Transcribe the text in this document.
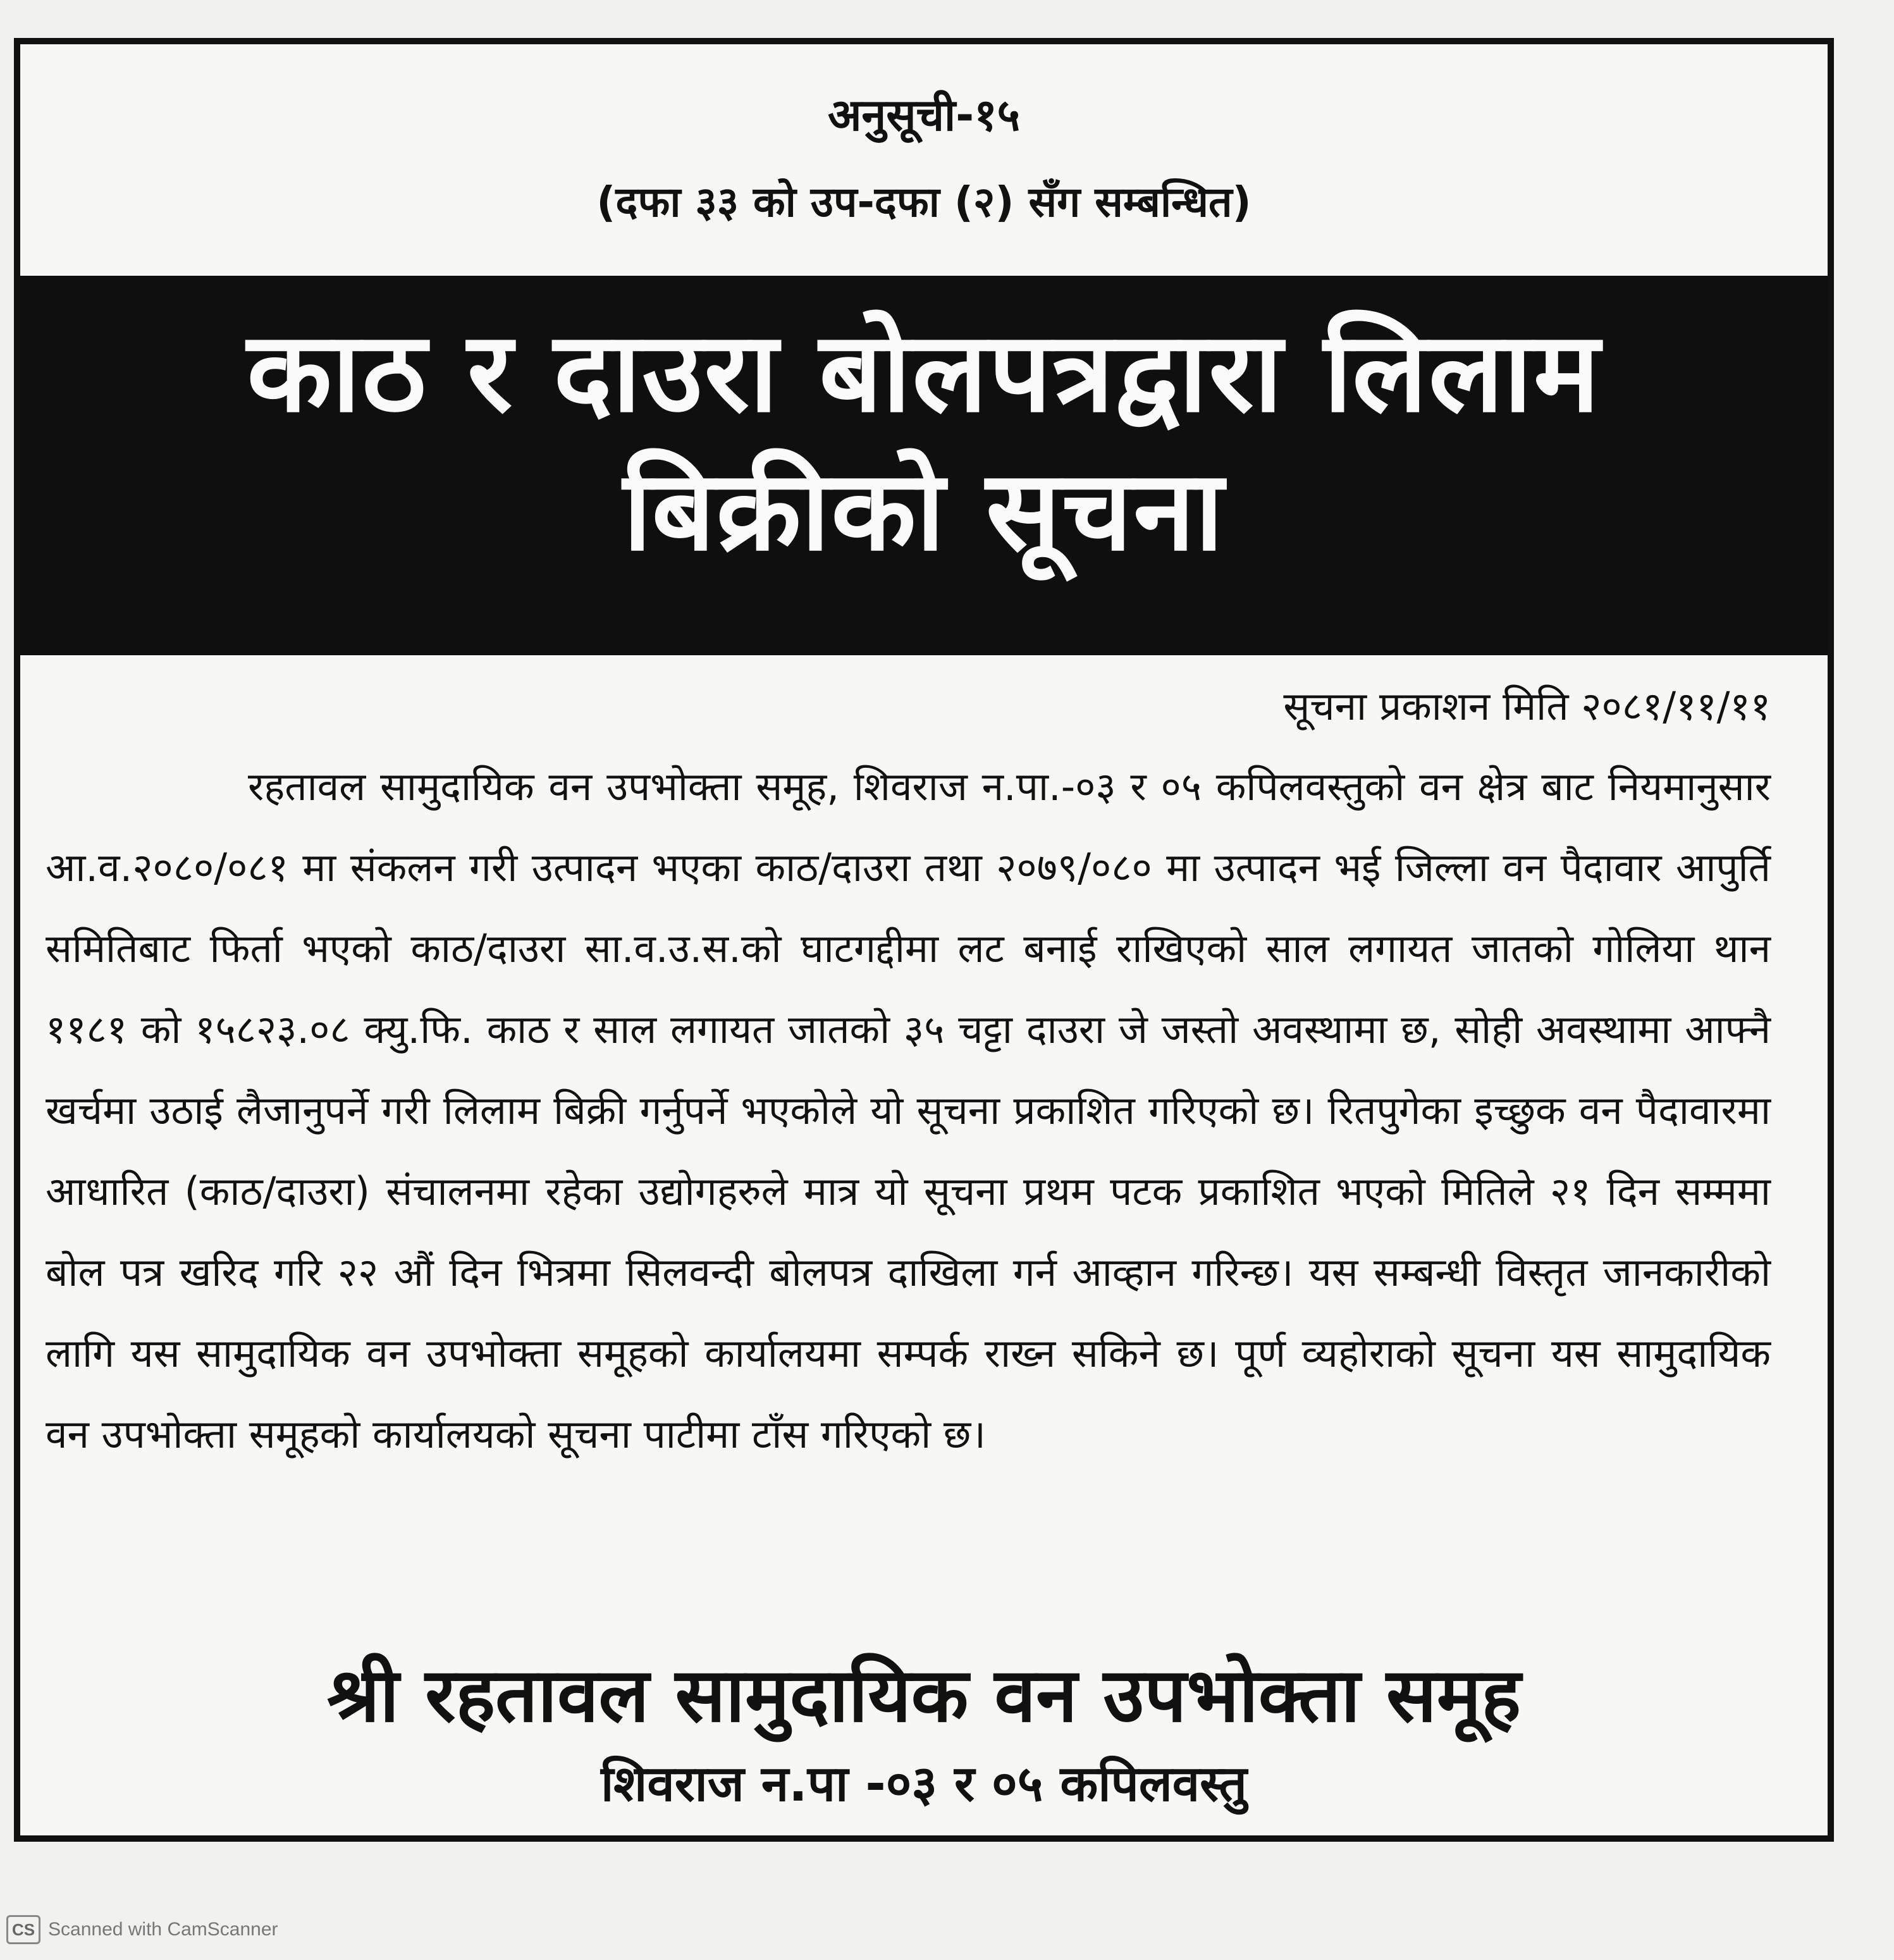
अनुसूची-१५
(दफा ३३ को उप-दफा (२) सँग सम्बन्धित)
काठ र दाउरा बोलपत्रद्वारा लिलाम
बिक्रीको सूचना
सूचना प्रकाशन मिति २०८१/११/११

रहतावल सामुदायिक वन उपभोक्ता समूह, शिवराज न.पा.-०३ र ०५ कपिलवस्तुको वन क्षेत्र बाट नियमानुसार आ.व.२०८०/०८१ मा संकलन गरी उत्पादन भएका काठ/दाउरा तथा २०७९/०८० मा उत्पादन भई जिल्ला वन पैदावार आपुर्ति समितिबाट फिर्ता भएको काठ/दाउरा सा.व.उ.स.को घाटगद्दीमा लट बनाई राखिएको साल लगायत जातको गोलिया थान ११८१ को १५८२३.०८ क्यु.फि. काठ र साल लगायत जातको ३५ चट्टा दाउरा जे जस्तो अवस्थामा छ, सोही अवस्थामा आफ्नै खर्चमा उठाई लैजानुपर्ने गरी लिलाम बिक्री गर्नुपर्ने भएकोले यो सूचना प्रकाशित गरिएको छ। रितपुगेका इच्छुक वन पैदावारमा आधारित (काठ/दाउरा) संचालनमा रहेका उद्योगहरुले मात्र यो सूचना प्रथम पटक प्रकाशित भएको मितिले २१ दिन सम्ममा बोल पत्र खरिद गरि २२ औं दिन भित्रमा सिलवन्दी बोलपत्र दाखिला गर्न आव्हान गरिन्छ। यस सम्बन्धी विस्तृत जानकारीको लागि यस सामुदायिक वन उपभोक्ता समूहको कार्यालयमा सम्पर्क राख्न सकिने छ। पूर्ण व्यहोराको सूचना यस सामुदायिक वन उपभोक्ता समूहको कार्यालयको सूचना पाटीमा टाँस गरिएको छ।

श्री रहतावल सामुदायिक वन उपभोक्ता समूह
शिवराज न.पा -०३ र ०५ कपिलवस्तु
CS Scanned with CamScanner
